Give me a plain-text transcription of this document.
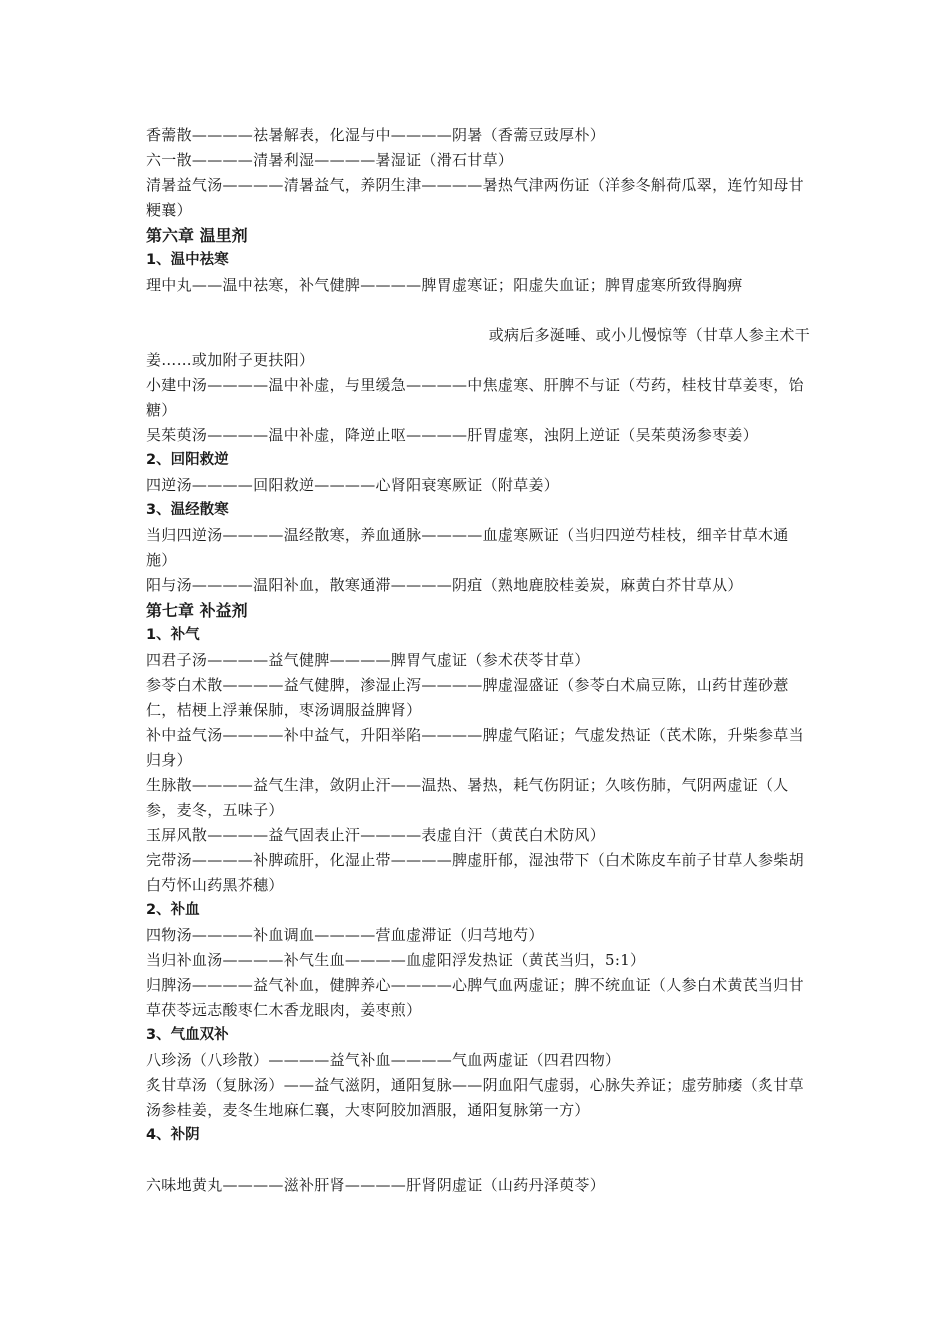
香薷散————祛暑解表，化湿与中————阴暑（香薷豆豉厚朴）

六一散————清暑利湿————暑湿证（滑石甘草）

清暑益气汤————清暑益气，养阴生津————暑热气津两伤证（洋参冬斛荷瓜翠，连竹知母甘粳襄）

第六章 温里剂

1、温中祛寒

理中丸——温中祛寒，补气健脾————脾胃虚寒证；阳虚失血证；脾胃虚寒所致得胸痹

或病后多涎唾、或小儿慢惊等（甘草人参主术干

姜……或加附子更扶阳）

小建中汤————温中补虚，与里缓急————中焦虚寒、肝脾不与证（芍药，桂枝甘草姜枣，饴糖）

吴茱萸汤————温中补虚，降逆止呕————肝胃虚寒，浊阴上逆证（吴茱萸汤参枣姜）

2、回阳救逆

四逆汤————回阳救逆————心肾阳衰寒厥证（附草姜）

3、温经散寒

当归四逆汤————温经散寒，养血通脉————血虚寒厥证（当归四逆芍桂枝，细辛甘草木通施）

阳与汤————温阳补血，散寒通滞————阴疽（熟地鹿胶桂姜炭，麻黄白芥甘草从）

第七章 补益剂

1、补气

四君子汤————益气健脾————脾胃气虚证（参术茯苓甘草）

参苓白术散————益气健脾，渗湿止泻————脾虚湿盛证（参苓白术扁豆陈，山药甘莲砂薏仁，桔梗上浮兼保肺，枣汤调服益脾肾）

补中益气汤————补中益气，升阳举陷————脾虚气陷证；气虚发热证（芪术陈，升柴参草当归身）

生脉散————益气生津，敛阴止汗——温热、暑热，耗气伤阴证；久咳伤肺，气阴两虚证（人参，麦冬，五味子）

玉屏风散————益气固表止汗————表虚自汗（黄芪白术防风）

完带汤————补脾疏肝，化湿止带————脾虚肝郁，湿浊带下（白术陈皮车前子甘草人参柴胡白芍怀山药黑芥穗）

2、补血

四物汤————补血调血————营血虚滞证（归芎地芍）

当归补血汤————补气生血————血虚阳浮发热证（黄芪当归，5:1）

归脾汤————益气补血，健脾养心————心脾气血两虚证；脾不统血证（人参白术黄芪当归甘草茯苓远志酸枣仁木香龙眼肉，姜枣煎）

3、气血双补

八珍汤（八珍散）————益气补血————气血两虚证（四君四物）

炙甘草汤（复脉汤）——益气滋阴，通阳复脉——阴血阳气虚弱，心脉失养证；虚劳肺痿（炙甘草汤参桂姜，麦冬生地麻仁襄，大枣阿胶加酒服，通阳复脉第一方）

4、补阴

六味地黄丸————滋补肝肾————肝肾阴虚证（山药丹泽萸苓）
